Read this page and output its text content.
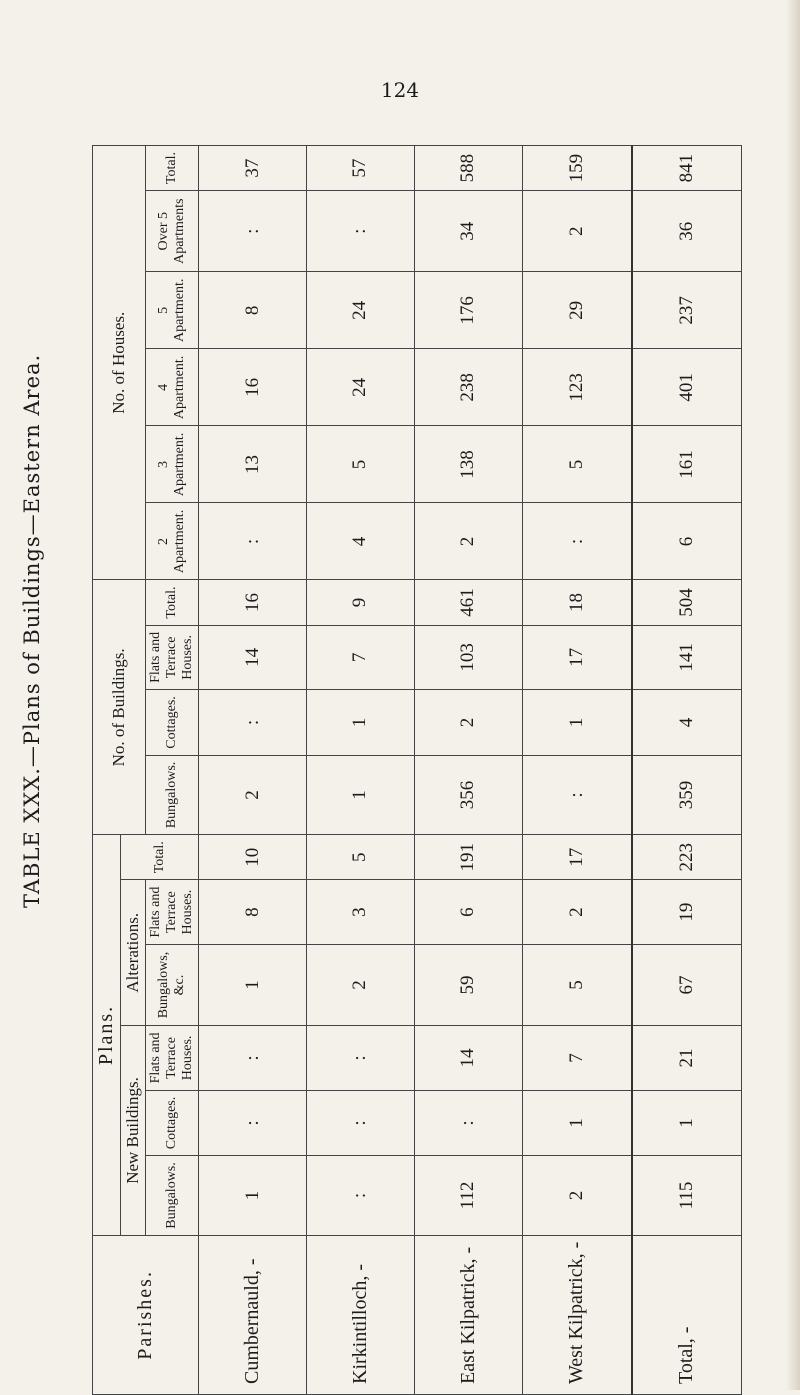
124
TABLE XXX.—Plans of Buildings—Eastern Area.
Parishes.	Plans.						No. of Buildings.				No. of Houses.					
	New Buildings.			Alterations.		Total.										
	Bungalows.	Cottages.	Flats and Terrace Houses.	Bungalows, &c.	Flats and Terrace Houses.		Bungalows.	Cottages.	Flats and Terrace Houses.	Total.	2 Apartment.	3 Apartment.	4 Apartment.	5 Apartment.	Over 5 Apartments	Total.
Cumbernauld, -	1	:	:	1	8	10	2	:	14	16	:	13	16	8	:	37
Kirkintilloch, -	:	:	:	2	3	5	1	1	7	9	4	5	24	24	:	57
East Kilpatrick, -	112	:	14	59	6	191	356	2	103	461	2	138	238	176	34	588
West Kilpatrick, -	2	1	7	5	2	17	:	1	17	18	:	5	123	29	2	159
Total, -	115	1	21	67	19	223	359	4	141	504	6	161	401	237	36	841
